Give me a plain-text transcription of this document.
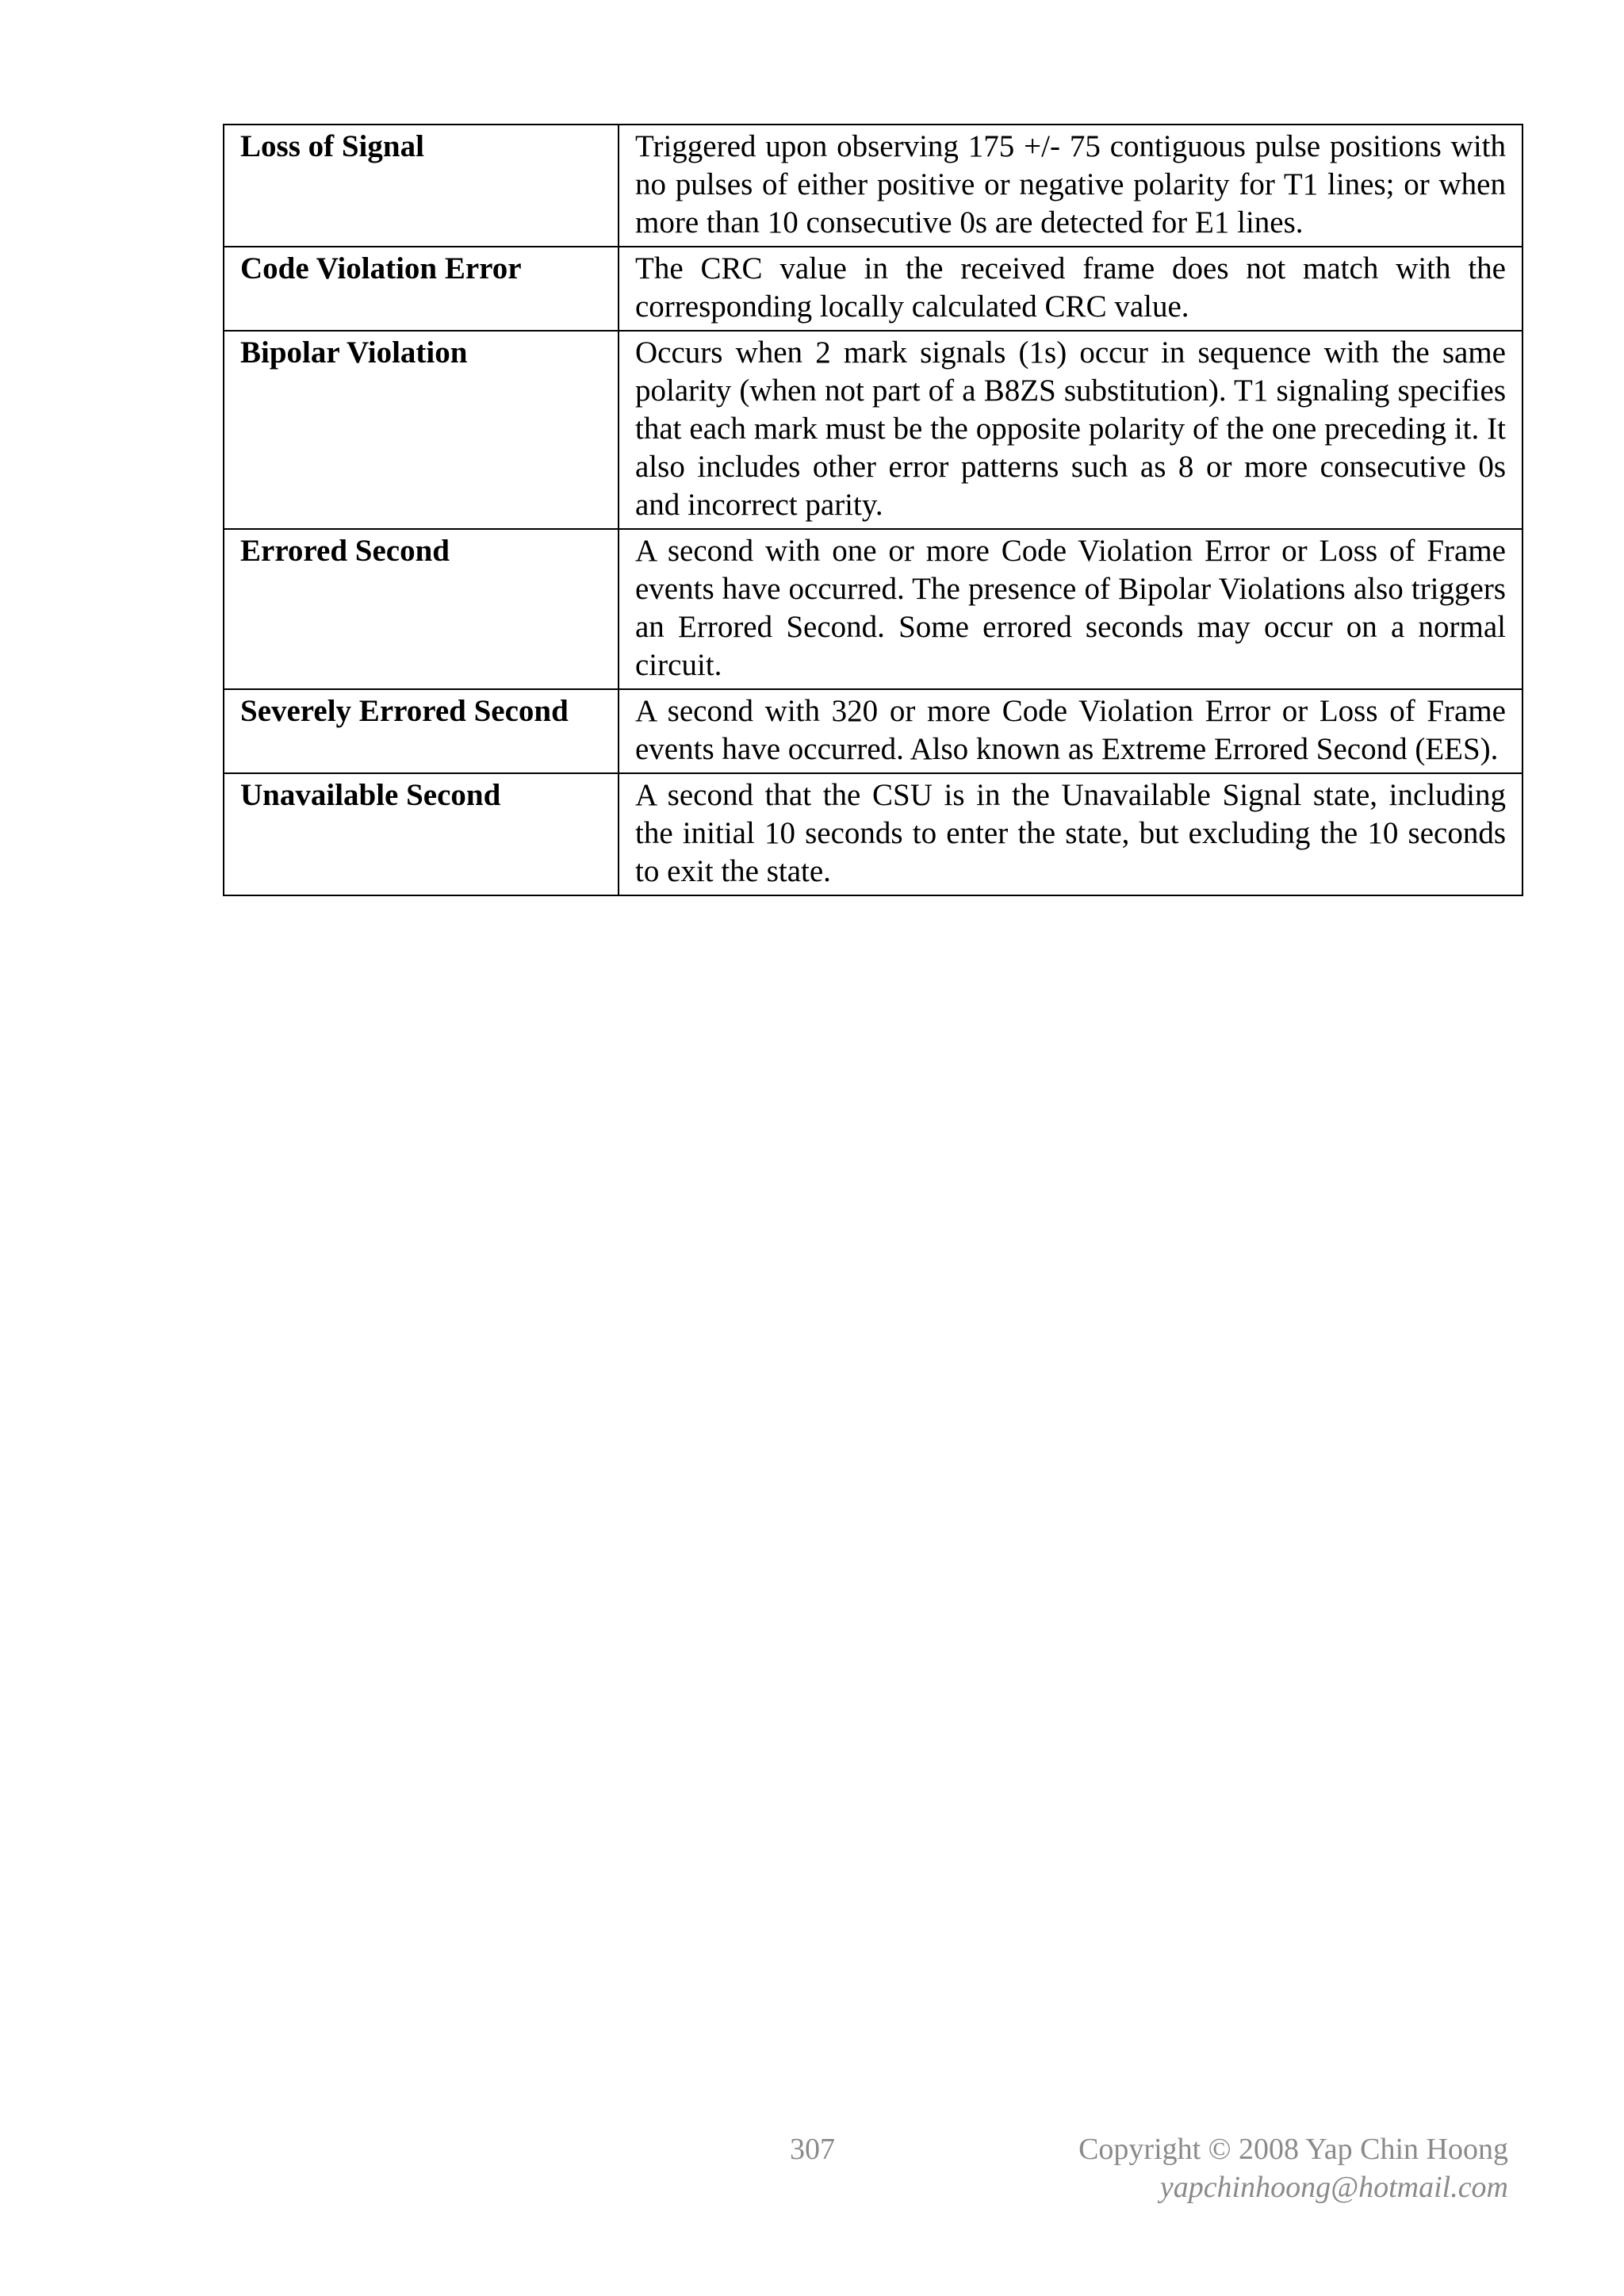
Loss of Signal	Triggered upon observing 175 +/- 75 contiguous pulse positions with no pulses of either positive or negative polarity for T1 lines; or when more than 10 consecutive 0s are detected for E1 lines.
Code Violation Error	The CRC value in the received frame does not match with the corresponding locally calculated CRC value.
Bipolar Violation	Occurs when 2 mark signals (1s) occur in sequence with the same polarity (when not part of a B8ZS substitution). T1 signaling specifies that each mark must be the opposite polarity of the one preceding it. It also includes other error patterns such as 8 or more consecutive 0s and incorrect parity.
Errored Second	A second with one or more Code Violation Error or Loss of Frame events have occurred. The presence of Bipolar Violations also triggers an Errored Second. Some errored seconds may occur on a normal circuit.
Severely Errored Second	A second with 320 or more Code Violation Error or Loss of Frame events have occurred. Also known as Extreme Errored Second (EES).
Unavailable Second	A second that the CSU is in the Unavailable Signal state, including the initial 10 seconds to enter the state, but excluding the 10 seconds to exit the state.
307	Copyright © 2008 Yap Chin Hoong
yapchinhoong@hotmail.com
